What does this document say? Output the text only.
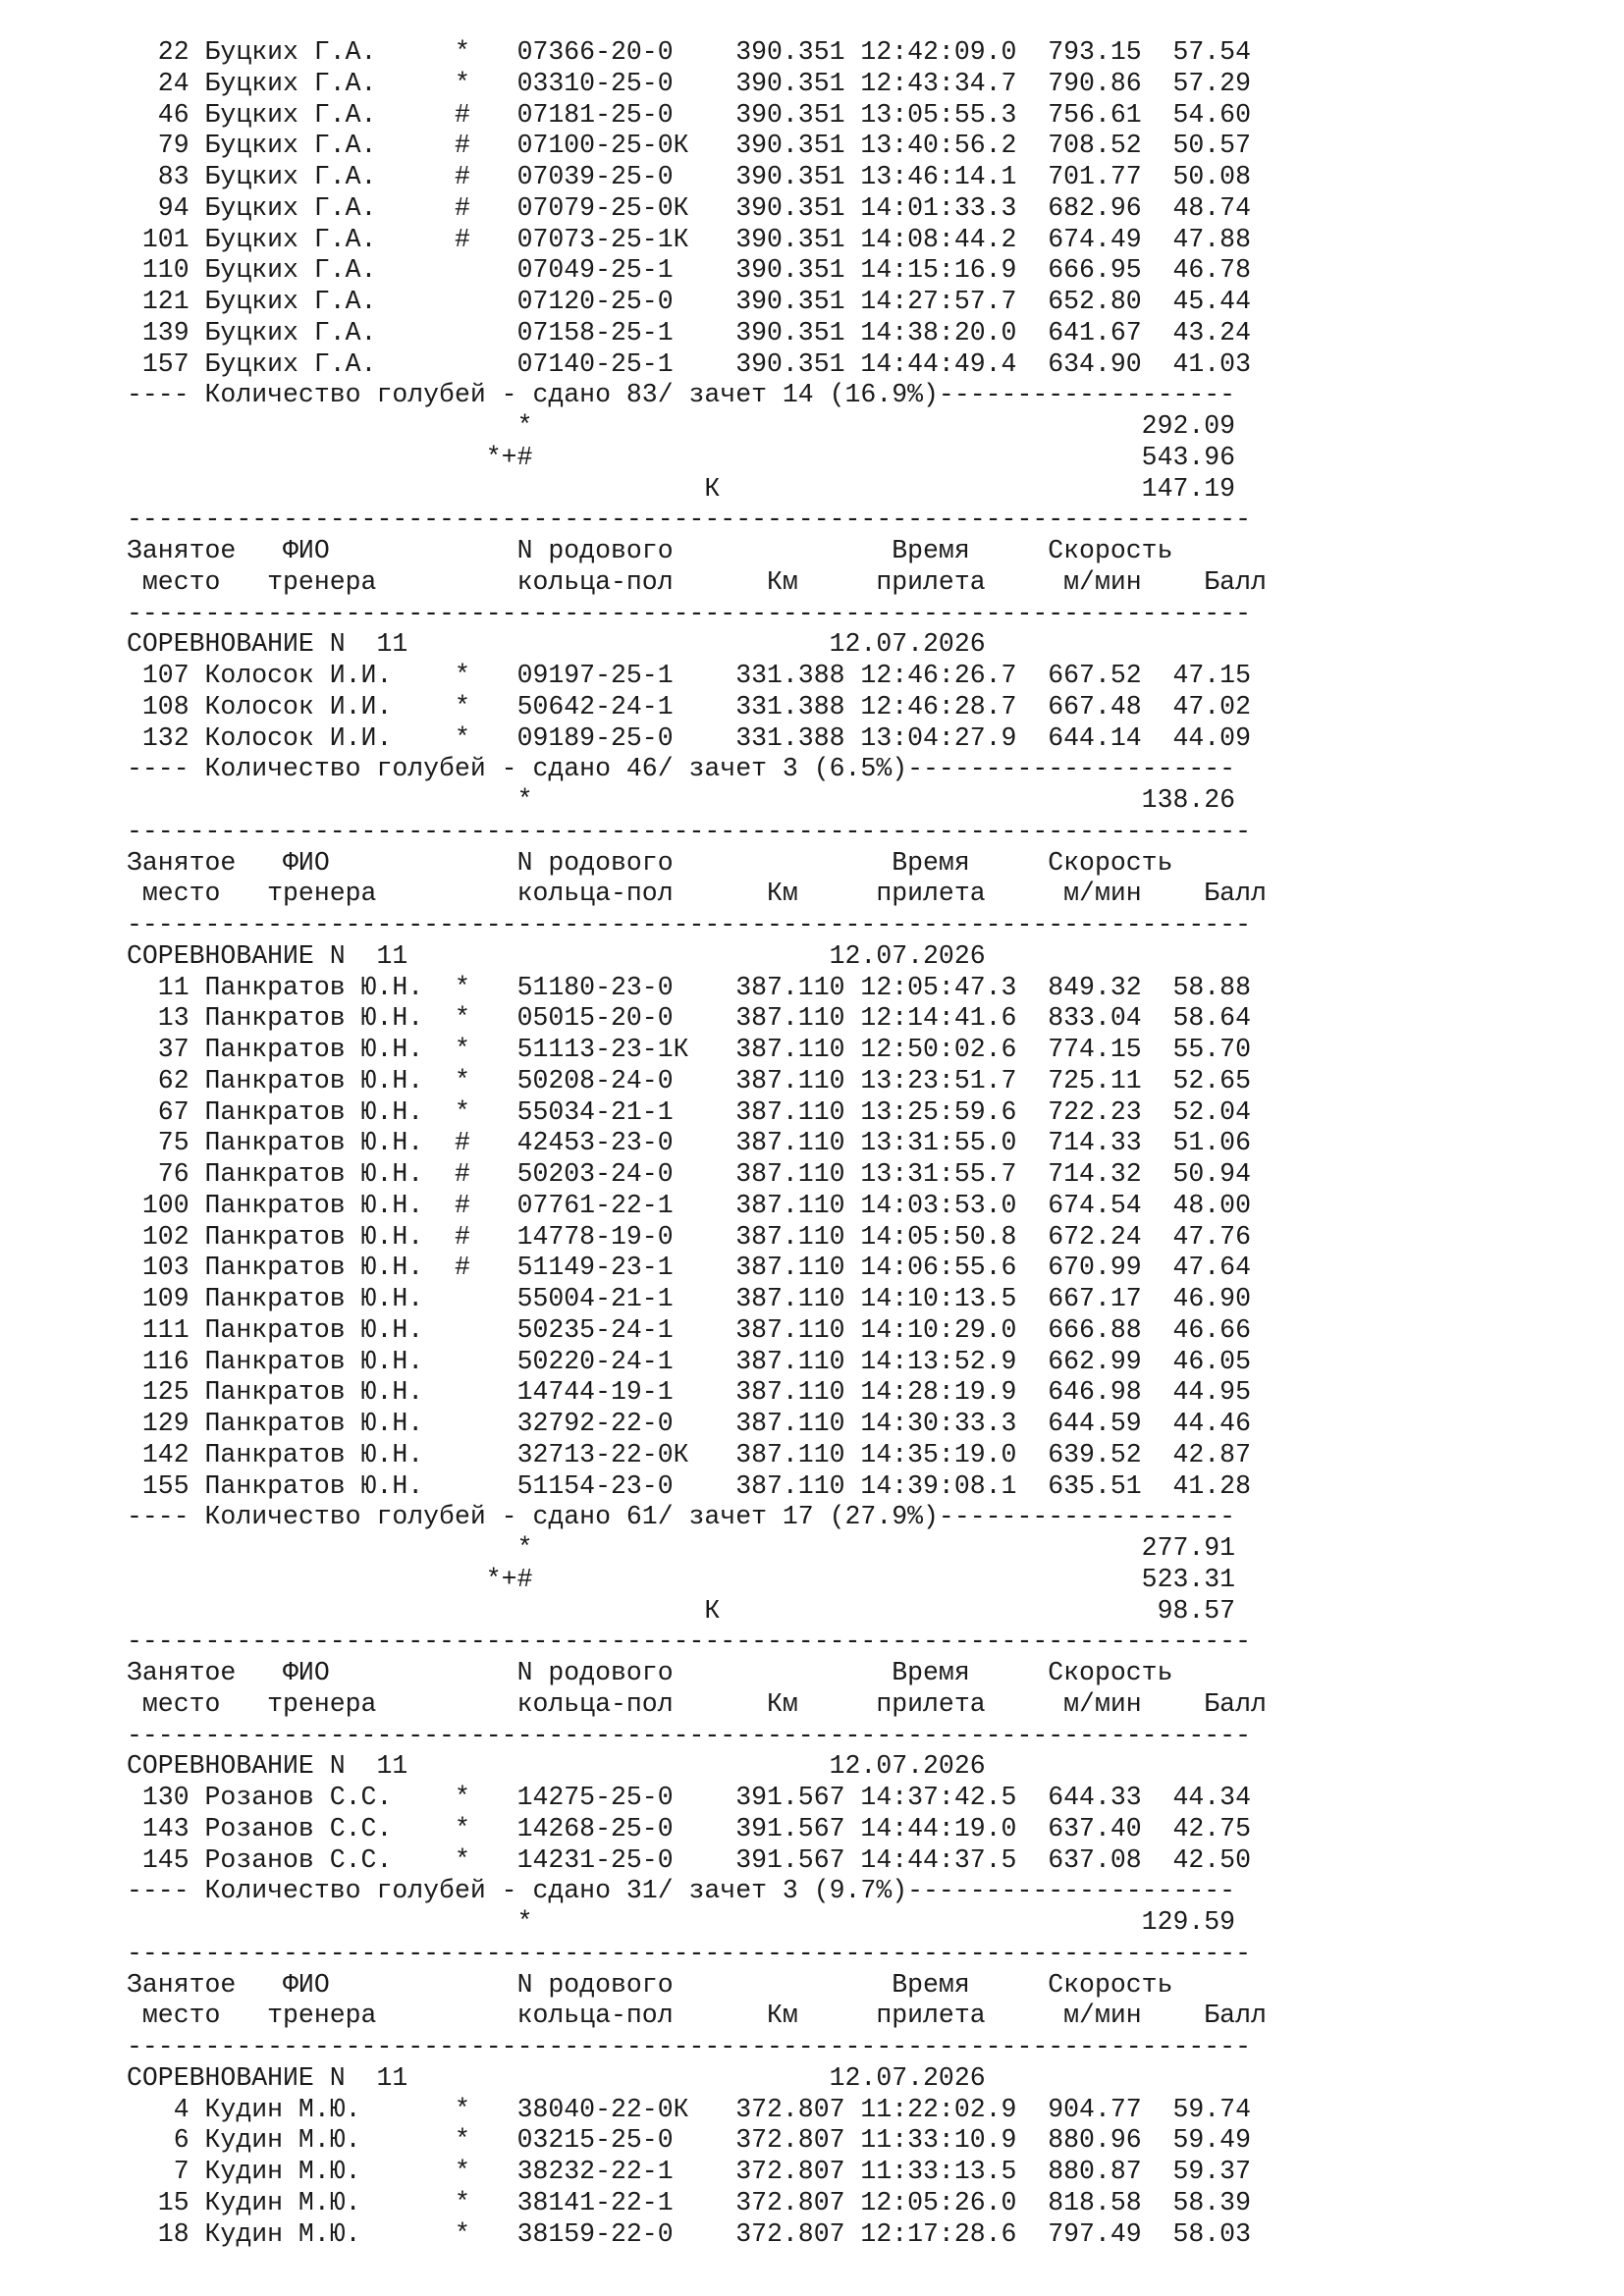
22 Буцких Г.А.     *   07366-20-0    390.351 12:42:09.0  793.15  57.54
24 Буцких Г.А.     *   03310-25-0    390.351 12:43:34.7  790.86  57.29
46 Буцких Г.А.     #   07181-25-0    390.351 13:05:55.3  756.61  54.60
79 Буцких Г.А.     #   07100-25-0К   390.351 13:40:56.2  708.52  50.57
83 Буцких Г.А.     #   07039-25-0    390.351 13:46:14.1  701.77  50.08
94 Буцких Г.А.     #   07079-25-0К   390.351 14:01:33.3  682.96  48.74
101 Буцких Г.А.     #   07073-25-1К   390.351 14:08:44.2  674.49  47.88
110 Буцких Г.А.         07049-25-1    390.351 14:15:16.9  666.95  46.78
121 Буцких Г.А.         07120-25-0    390.351 14:27:57.7  652.80  45.44
139 Буцких Г.А.         07158-25-1    390.351 14:38:20.0  641.67  43.24
157 Буцких Г.А.         07140-25-1    390.351 14:44:49.4  634.90  41.03
---- Количество голубей - сдано 83/ зачет 14 (16.9%)-------------------
*                                       292.09
*+#                                       543.96
К                           147.19
------------------------------------------------------------------------
Занятое   ФИО            N родового              Время     Скорость
место   тренера         кольца-пол      Км     прилета     м/мин    Балл
------------------------------------------------------------------------
СОРЕВНОВАНИЕ N  11                           12.07.2026
107 Колосок И.И.    *   09197-25-1    331.388 12:46:26.7  667.52  47.15
108 Колосок И.И.    *   50642-24-1    331.388 12:46:28.7  667.48  47.02
132 Колосок И.И.    *   09189-25-0    331.388 13:04:27.9  644.14  44.09
---- Количество голубей - сдано 46/ зачет 3 (6.5%)---------------------
*                                       138.26
------------------------------------------------------------------------
Занятое   ФИО            N родового              Время     Скорость
место   тренера         кольца-пол      Км     прилета     м/мин    Балл
------------------------------------------------------------------------
СОРЕВНОВАНИЕ N  11                           12.07.2026
11 Панкратов Ю.Н.  *   51180-23-0    387.110 12:05:47.3  849.32  58.88
13 Панкратов Ю.Н.  *   05015-20-0    387.110 12:14:41.6  833.04  58.64
37 Панкратов Ю.Н.  *   51113-23-1К   387.110 12:50:02.6  774.15  55.70
62 Панкратов Ю.Н.  *   50208-24-0    387.110 13:23:51.7  725.11  52.65
67 Панкратов Ю.Н.  *   55034-21-1    387.110 13:25:59.6  722.23  52.04
75 Панкратов Ю.Н.  #   42453-23-0    387.110 13:31:55.0  714.33  51.06
76 Панкратов Ю.Н.  #   50203-24-0    387.110 13:31:55.7  714.32  50.94
100 Панкратов Ю.Н.  #   07761-22-1    387.110 14:03:53.0  674.54  48.00
102 Панкратов Ю.Н.  #   14778-19-0    387.110 14:05:50.8  672.24  47.76
103 Панкратов Ю.Н.  #   51149-23-1    387.110 14:06:55.6  670.99  47.64
109 Панкратов Ю.Н.      55004-21-1    387.110 14:10:13.5  667.17  46.90
111 Панкратов Ю.Н.      50235-24-1    387.110 14:10:29.0  666.88  46.66
116 Панкратов Ю.Н.      50220-24-1    387.110 14:13:52.9  662.99  46.05
125 Панкратов Ю.Н.      14744-19-1    387.110 14:28:19.9  646.98  44.95
129 Панкратов Ю.Н.      32792-22-0    387.110 14:30:33.3  644.59  44.46
142 Панкратов Ю.Н.      32713-22-0К   387.110 14:35:19.0  639.52  42.87
155 Панкратов Ю.Н.      51154-23-0    387.110 14:39:08.1  635.51  41.28
---- Количество голубей - сдано 61/ зачет 17 (27.9%)-------------------
*                                       277.91
*+#                                       523.31
К                            98.57
------------------------------------------------------------------------
Занятое   ФИО            N родового              Время     Скорость
место   тренера         кольца-пол      Км     прилета     м/мин    Балл
------------------------------------------------------------------------
СОРЕВНОВАНИЕ N  11                           12.07.2026
130 Розанов С.С.    *   14275-25-0    391.567 14:37:42.5  644.33  44.34
143 Розанов С.С.    *   14268-25-0    391.567 14:44:19.0  637.40  42.75
145 Розанов С.С.    *   14231-25-0    391.567 14:44:37.5  637.08  42.50
---- Количество голубей - сдано 31/ зачет 3 (9.7%)---------------------
*                                       129.59
------------------------------------------------------------------------
Занятое   ФИО            N родового              Время     Скорость
место   тренера         кольца-пол      Км     прилета     м/мин    Балл
------------------------------------------------------------------------
СОРЕВНОВАНИЕ N  11                           12.07.2026
4 Кудин М.Ю.      *   38040-22-0К   372.807 11:22:02.9  904.77  59.74
6 Кудин М.Ю.      *   03215-25-0    372.807 11:33:10.9  880.96  59.49
7 Кудин М.Ю.      *   38232-22-1    372.807 11:33:13.5  880.87  59.37
15 Кудин М.Ю.      *   38141-22-1    372.807 12:05:26.0  818.58  58.39
18 Кудин М.Ю.      *   38159-22-0    372.807 12:17:28.6  797.49  58.03
